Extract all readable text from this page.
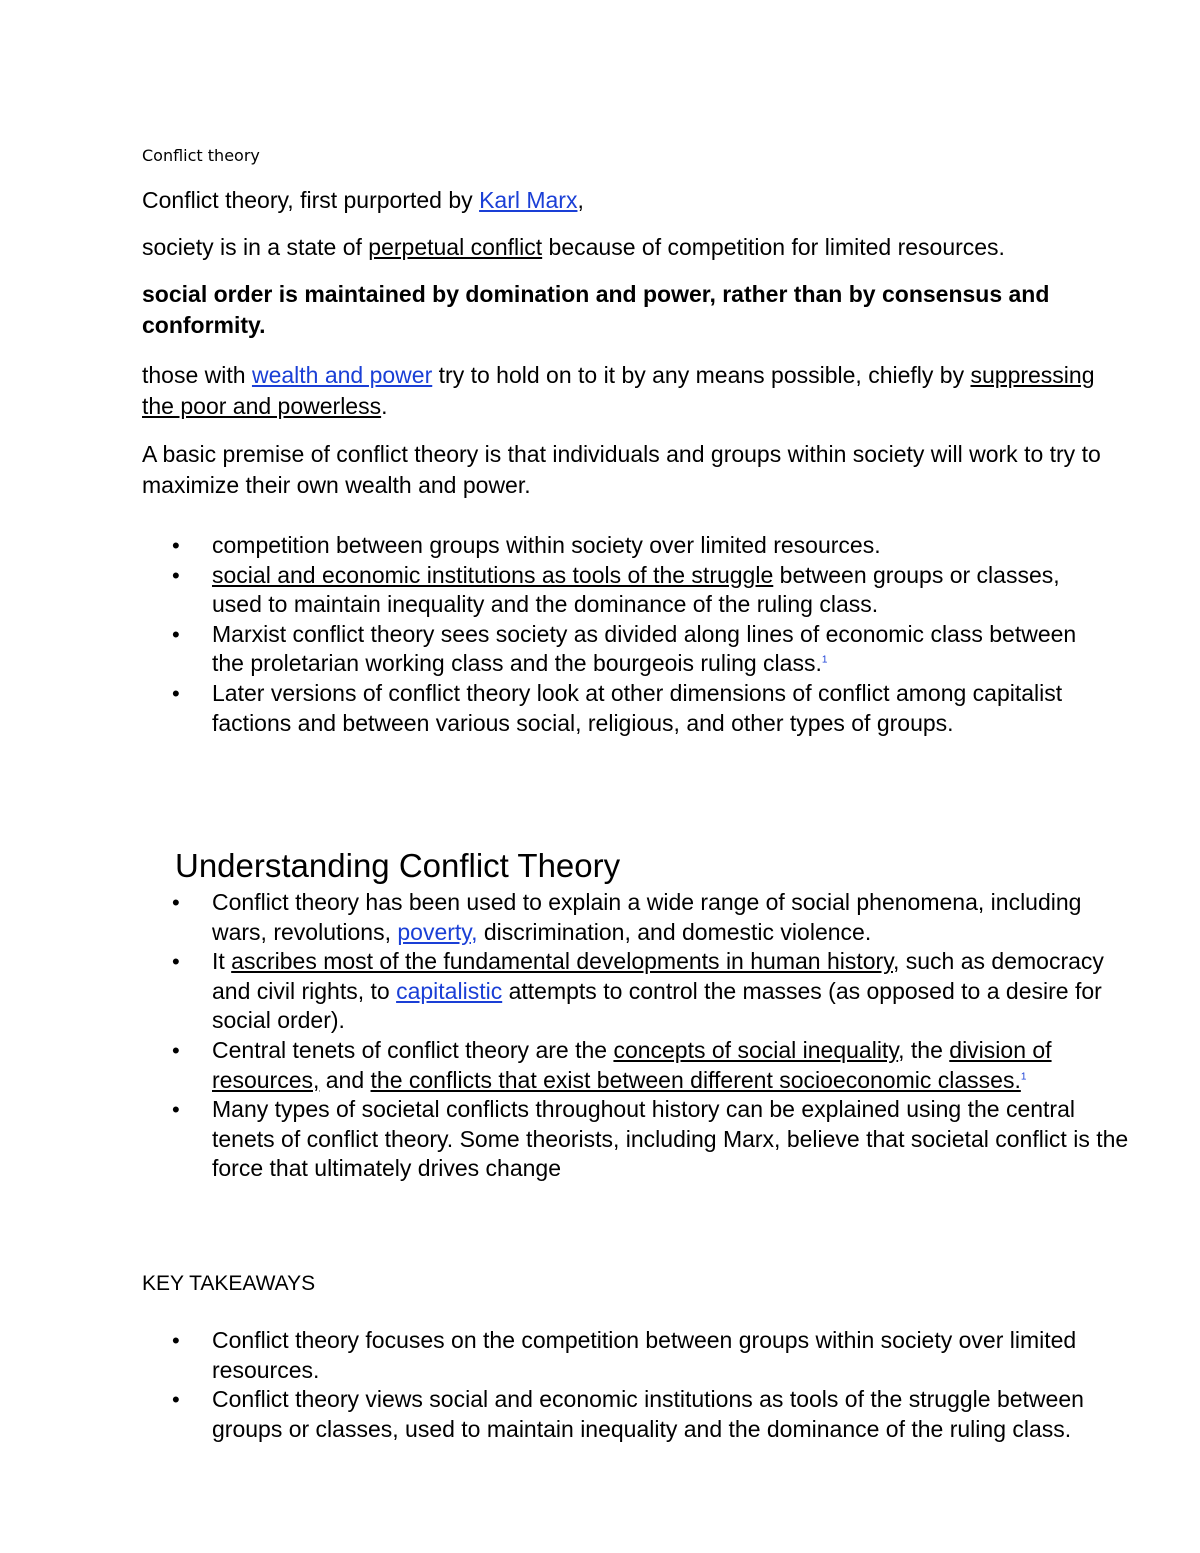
Conflict theory

Conflict theory, first purported by Karl Marx,

society is in a state of perpetual conflict because of competition for limited resources.

social order is maintained by domination and power, rather than by consensus and conformity.

those with wealth and power try to hold on to it by any means possible, chiefly by suppressing the poor and powerless.

A basic premise of conflict theory is that individuals and groups within society will work to try to maximize their own wealth and power.

• competition between groups within society over limited resources.
• social and economic institutions as tools of the struggle between groups or classes, used to maintain inequality and the dominance of the ruling class.
• Marxist conflict theory sees society as divided along lines of economic class between the proletarian working class and the bourgeois ruling class.$^1$
• Later versions of conflict theory look at other dimensions of conflict among capitalist factions and between various social, religious, and other types of groups.
Understanding Conflict Theory
• Conflict theory has been used to explain a wide range of social phenomena, including wars, revolutions, poverty, discrimination, and domestic violence.
• It ascribes most of the fundamental developments in human history, such as democracy and civil rights, to capitalistic attempts to control the masses (as opposed to a desire for social order).
• Central tenets of conflict theory are the concepts of social inequality, the division of resources, and the conflicts that exist between different socioeconomic classes.$^1$
• Many types of societal conflicts throughout history can be explained using the central tenets of conflict theory. Some theorists, including Marx, believe that societal conflict is the force that ultimately drives change
KEY TAKEAWAYS
• Conflict theory focuses on the competition between groups within society over limited resources.
• Conflict theory views social and economic institutions as tools of the struggle between groups or classes, used to maintain inequality and the dominance of the ruling class.
